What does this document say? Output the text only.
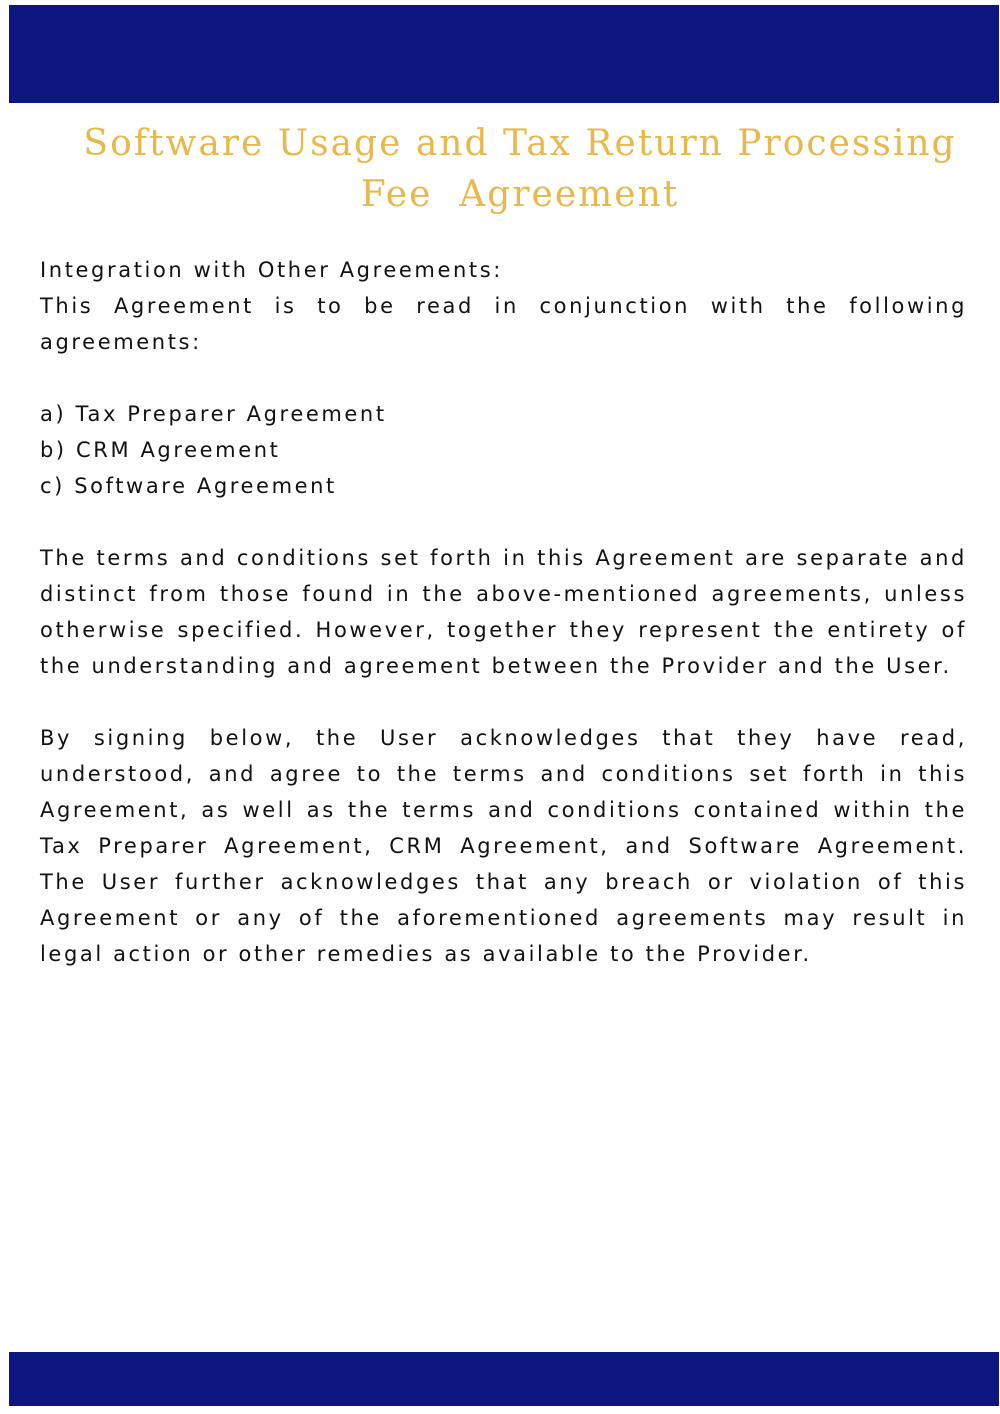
Software Usage and Tax Return Processing
Fee  Agreement

Integration with Other Agreements:

This Agreement is to be read in conjunction with the following agreements:

a) Tax Preparer Agreement
b) CRM Agreement
c) Software Agreement

The terms and conditions set forth in this Agreement are separate and distinct from those found in the above-mentioned agreements, unless otherwise specified. However, together they represent the entirety of the understanding and agreement between the Provider and the User.

By signing below, the User acknowledges that they have read, understood, and agree to the terms and conditions set forth in this Agreement, as well as the terms and conditions contained within the Tax Preparer Agreement, CRM Agreement, and Software Agreement. The User further acknowledges that any breach or violation of this Agreement or any of the aforementioned agreements may result in legal action or other remedies as available to the Provider.
